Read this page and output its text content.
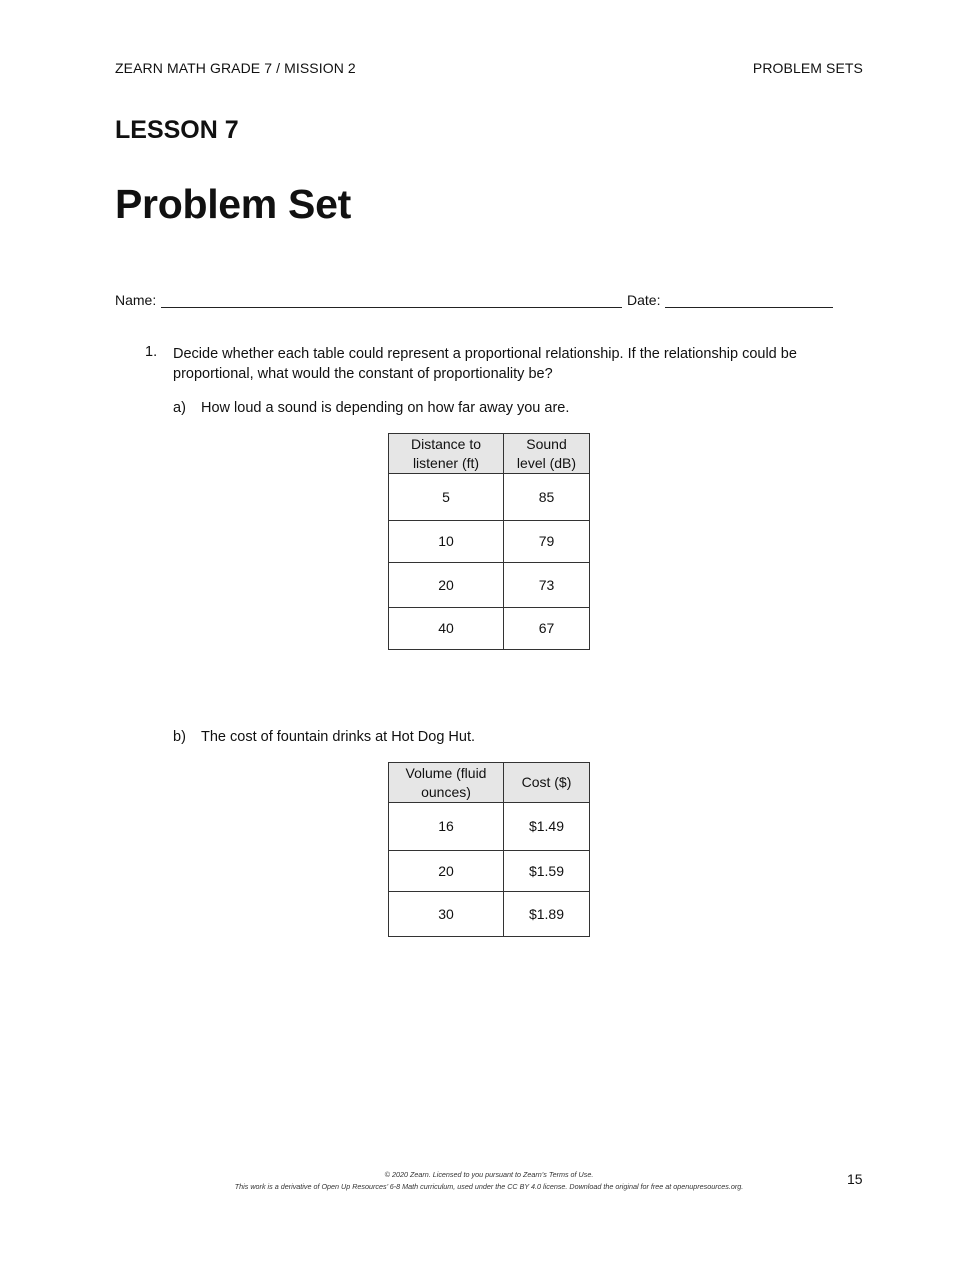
ZEARN MATH GRADE 7 / MISSION 2	PROBLEM SETS
LESSON 7
Problem Set
Name:	Date:
1. Decide whether each table could represent a proportional relationship. If the relationship could be proportional, what would the constant of proportionality be?
a) How loud a sound is depending on how far away you are.
Distance to listener (ft)	Sound level (dB)
5	85
10	79
20	73
40	67
b) The cost of fountain drinks at Hot Dog Hut.
Volume (fluid ounces)	Cost ($)
16	$1.49
20	$1.59
30	$1.89
© 2020 Zearn. Licensed to you pursuant to Zearn’s Terms of Use.
This work is a derivative of Open Up Resources’ 6-8 Math curriculum, used under the CC BY 4.0 license. Download the original for free at openupresources.org.	15
